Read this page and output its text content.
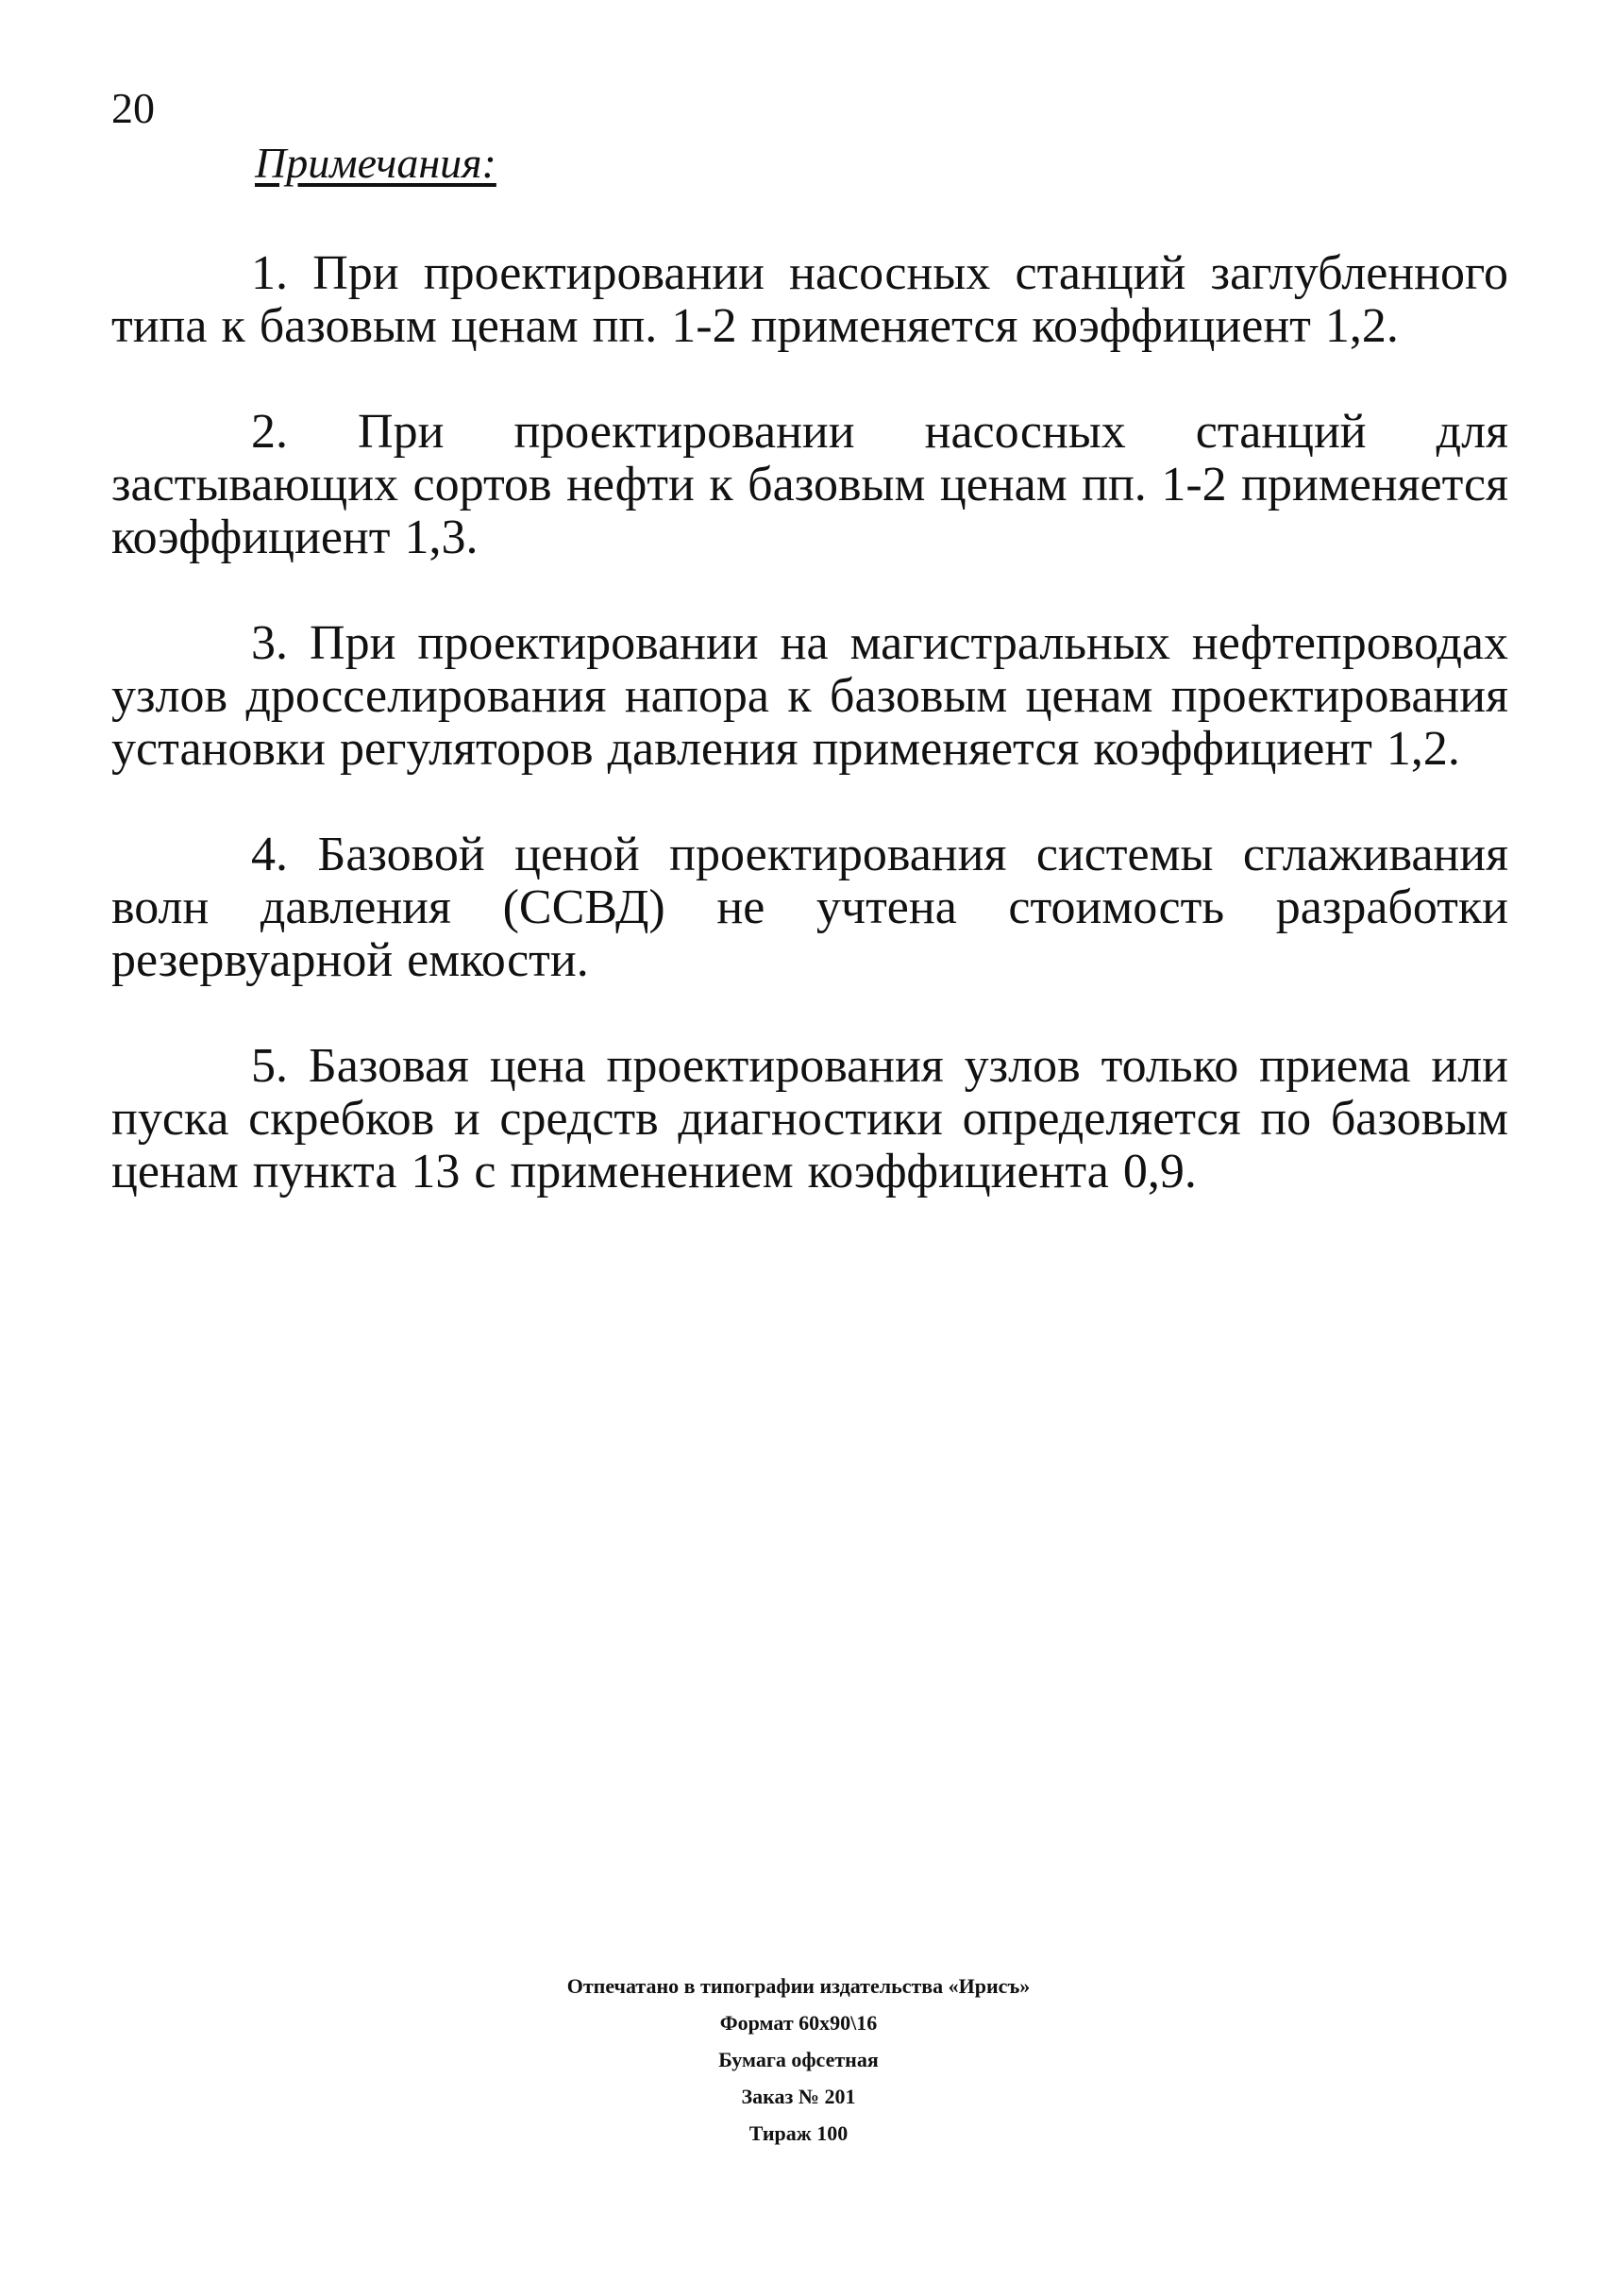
20
Примечания:

1. При проектировании насосных станций заглубленного типа к базовым ценам пп. 1-2 применяется коэффициент 1,2.

2. При проектировании насосных станций для застывающих сортов нефти к базовым ценам пп. 1-2 применяется коэффициент 1,3.

3. При проектировании на магистральных нефтепроводах узлов дросселирования напора к базовым ценам проектирования установки регуляторов давления применяется коэффициент 1,2.

4. Базовой ценой проектирования системы сглаживания волн давления (ССВД) не учтена стоимость разработки резервуарной емкости.

5. Базовая цена проектирования узлов только приема или пуска скребков и средств диагностики определяется по базовым ценам пункта 13 с применением коэффициента 0,9.

Отпечатано в типографии издательства «Ирисъ»
Формат 60x90\16
Бумага офсетная
Заказ № 201
Тираж 100
